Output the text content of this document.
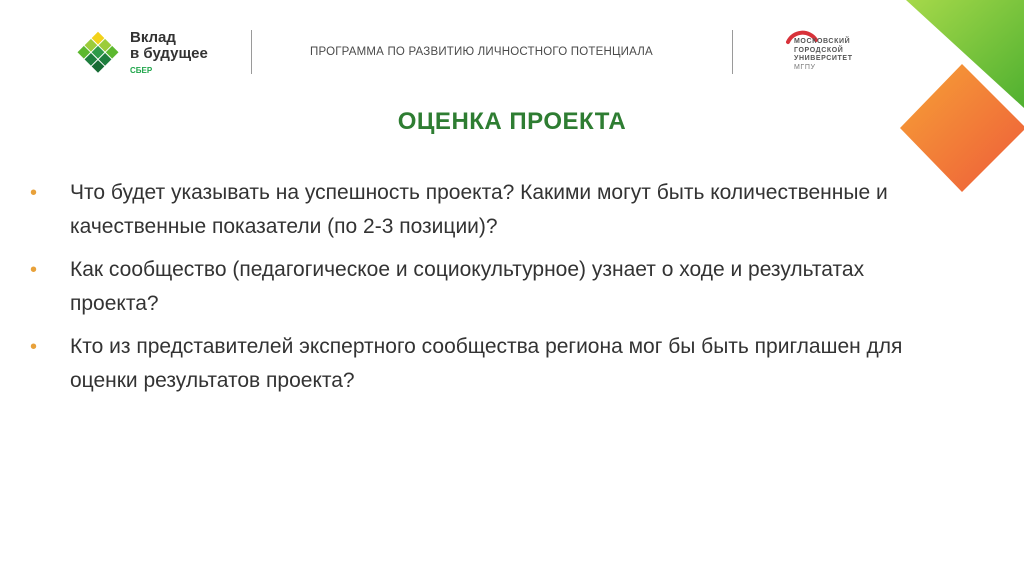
Вклад
в будущее
СБЕР
ПРОГРАММА ПО РАЗВИТИЮ ЛИЧНОСТНОГО ПОТЕНЦИАЛА
МОСКОВСКИЙ
ГОРОДСКОЙ
УНИВЕРСИТЕТ
МГПУ
ОЦЕНКА ПРОЕКТА
• Что будет указывать на успешность проекта? Какими могут быть количественные и качественные показатели (по 2-3 позиции)?
• Как сообщество (педагогическое и социокультурное) узнает о ходе и результатах проекта?
• Кто из представителей экспертного сообщества региона мог бы быть приглашен для оценки результатов проекта?
